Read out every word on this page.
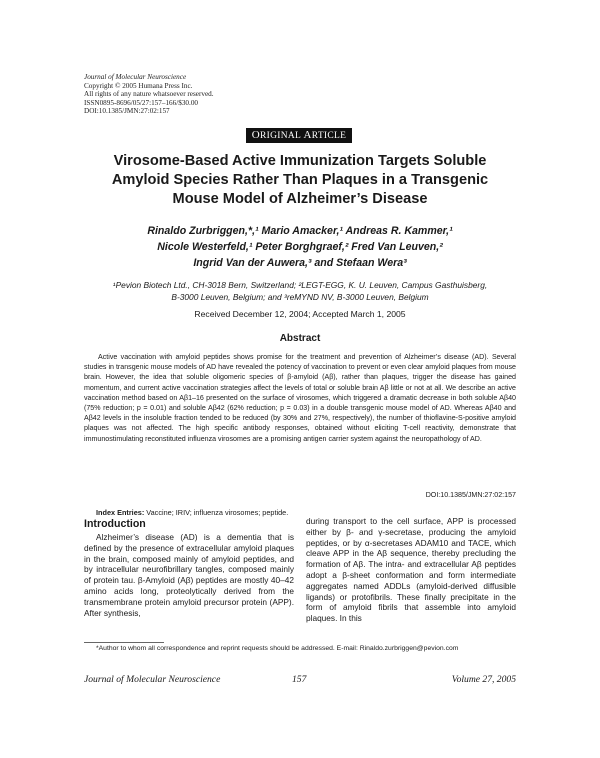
Journal of Molecular Neuroscience
Copyright © 2005 Humana Press Inc.
All rights of any nature whatsoever reserved.
ISSN0895-8696/05/27:157–166/$30.00
DOI:10.1385/JMN:27:02:157
ORIGINAL ARTICLE
Virosome-Based Active Immunization Targets Soluble Amyloid Species Rather Than Plaques in a Transgenic Mouse Model of Alzheimer’s Disease
Rinaldo Zurbriggen,*,¹ Mario Amacker,¹ Andreas R. Kammer,¹
Nicole Westerfeld,¹ Peter Borghgraef,² Fred Van Leuven,²
Ingrid Van der Auwera,³ and Stefaan Wera³
¹Pevion Biotech Ltd., CH-3018 Bern, Switzerland; ²LEGT-EGG, K. U. Leuven, Campus Gasthuisberg, B-3000 Leuven, Belgium; and ³reMYND NV, B-3000 Leuven, Belgium
Received December 12, 2004; Accepted March 1, 2005
Abstract
Active vaccination with amyloid peptides shows promise for the treatment and prevention of Alzheimer’s disease (AD). Several studies in transgenic mouse models of AD have revealed the potency of vaccination to prevent or even clear amyloid plaques from mouse brain. However, the idea that soluble oligomeric species of β-amyloid (Aβ), rather than plaques, trigger the disease has gained momentum, and current active vaccination strategies affect the levels of total or soluble brain Aβ little or not at all. We describe an active vaccination method based on Aβ1–16 presented on the surface of virosomes, which triggered a dramatic decrease in both soluble Aβ40 (75% reduction; p = 0.01) and soluble Aβ42 (62% reduction; p = 0.03) in a double transgenic mouse model of AD. Whereas Aβ40 and Aβ42 levels in the insoluble fraction tended to be reduced (by 30% and 27%, respectively), the number of thioflavine-S-positive amyloid plaques was not affected. The high specific antibody responses, obtained without eliciting T-cell reactivity, demonstrate that immunostimulating reconstituted influenza virosomes are a promising antigen carrier system against the neuropathology of AD.
DOI:10.1385/JMN:27:02:157
Index Entries: Vaccine; IRIV; influenza virosomes; peptide.
Introduction
Alzheimer’s disease (AD) is a dementia that is defined by the presence of extracellular amyloid plaques in the brain, composed mainly of amyloid peptides, and by intracellular neurofibrillary tangles, composed mainly of protein tau. β-Amyloid (Aβ) peptides are mostly 40–42 amino acids long, proteolytically derived from the transmembrane protein amyloid precursor protein (APP). After synthesis,
during transport to the cell surface, APP is processed either by β- and γ-secretase, producing the amyloid peptides, or by α-secretases ADAM10 and TACE, which cleave APP in the Aβ sequence, thereby precluding the formation of Aβ. The intra- and extracellular Aβ peptides adopt a β-sheet conformation and form intermediate aggregates named ADDLs (amyloid-derived diffusible ligands) or protofibrils. These finally precipitate in the form of amyloid fibrils that assemble into amyloid plaques. In this
*Author to whom all correspondence and reprint requests should be addressed. E-mail: Rinaldo.zurbriggen@pevion.com
Journal of Molecular Neuroscience	157	Volume 27, 2005
